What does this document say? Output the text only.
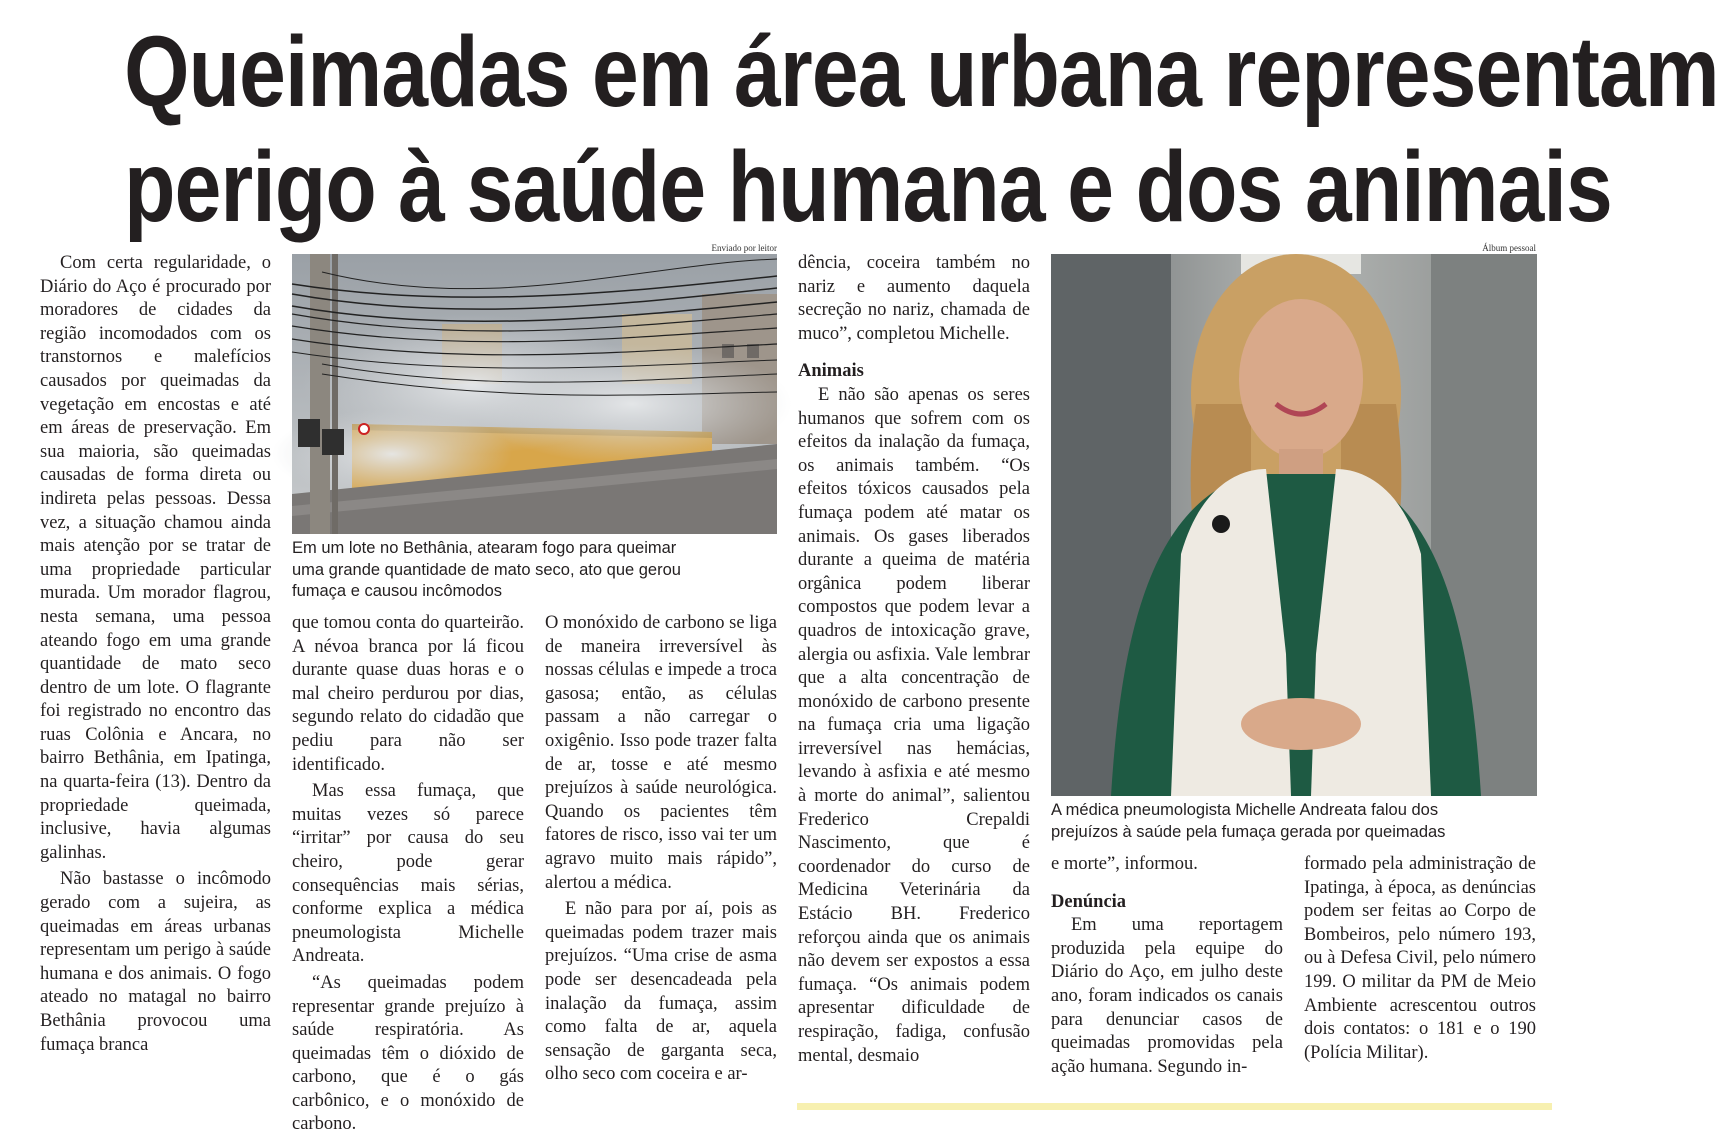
Queimadas em área urbana representam
perigo à saúde humana e dos animais

Com certa regularidade, o Diário do Aço é procurado por moradores de cidades da região incomodados com os transtornos e malefícios causados por queimadas da vegetação em encostas e até em áreas de preservação. Em sua maioria, são queimadas causadas de forma direta ou indireta pelas pessoas. Dessa vez, a situação chamou ainda mais atenção por se tratar de uma propriedade particular murada. Um morador flagrou, nesta semana, uma pessoa ateando fogo em uma grande quantidade de mato seco dentro de um lote. O flagrante foi registrado no encontro das ruas Colônia e Ancara, no bairro Bethânia, em Ipatinga, na quarta-feira (13). Dentro da propriedade queimada, inclusive, havia algumas galinhas.

Não bastasse o incômodo gerado com a sujeira, as queimadas em áreas urbanas representam um perigo à saúde humana e dos animais. O fogo ateado no matagal no bairro Bethânia provocou uma fumaça branca

Enviado por leitor
Em um lote no Bethânia, atearam fogo para queimar
uma grande quantidade de mato seco, ato que gerou
fumaça e causou incômodos

que tomou conta do quarteirão. A névoa branca por lá ficou durante quase duas horas e o mal cheiro perdurou por dias, segundo relato do cidadão que pediu para não ser identificado.

Mas essa fumaça, que muitas vezes só parece “irritar” por causa do seu cheiro, pode gerar consequências mais sérias, conforme explica a médica pneumologista Michelle Andreata.

“As queimadas podem representar grande prejuízo à saúde respiratória. As queimadas têm o dióxido de carbono, que é o gás carbônico, e o monóxido de carbono.

O monóxido de carbono se liga de maneira irreversível às nossas células e impede a troca gasosa; então, as células passam a não carregar o oxigênio. Isso pode trazer falta de ar, tosse e até mesmo prejuízos à saúde neurológica. Quando os pacientes têm fatores de risco, isso vai ter um agravo muito mais rápido”, alertou a médica.

E não para por aí, pois as queimadas podem trazer mais prejuízos. “Uma crise de asma pode ser desencadeada pela inalação da fumaça, assim como falta de ar, aquela sensação de garganta seca, olho seco com coceira e ar-

dência, coceira também no nariz e aumento daquela secreção no nariz, chamada de muco”, completou Michelle.

Animais

E não são apenas os seres humanos que sofrem com os efeitos da inalação da fumaça, os animais também. “Os efeitos tóxicos causados pela fumaça podem até matar os animais. Os gases liberados durante a queima de matéria orgânica podem liberar compostos que podem levar a quadros de intoxicação grave, alergia ou asfixia. Vale lembrar que a alta concentração de monóxido de carbono presente na fumaça cria uma ligação irreversível nas hemácias, levando à asfixia e até mesmo à morte do animal”, salientou Frederico Crepaldi Nascimento, que é coordenador do curso de Medicina Veterinária da Estácio BH. Frederico reforçou ainda que os animais não devem ser expostos a essa fumaça. “Os animais podem apresentar dificuldade de respiração, fadiga, confusão mental, desmaio

Álbum pessoal
A médica pneumologista Michelle Andreata falou dos
prejuízos à saúde pela fumaça gerada por queimadas

e morte”, informou.

Denúncia

Em uma reportagem produzida pela equipe do Diário do Aço, em julho deste ano, foram indicados os canais para denunciar casos de queimadas promovidas pela ação humana. Segundo in-

formado pela administração de Ipatinga, à época, as denúncias podem ser feitas ao Corpo de Bombeiros, pelo número 193, ou à Defesa Civil, pelo número 199. O militar da PM de Meio Ambiente acrescentou outros dois contatos: o 181 e o 190 (Polícia Militar).
